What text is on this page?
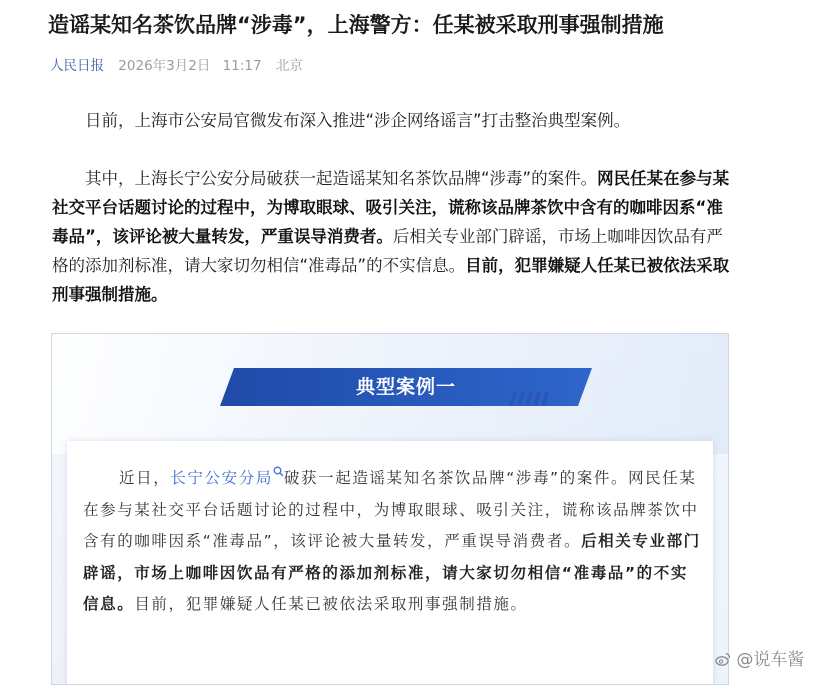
造谣某知名茶饮品牌“涉毒”，上海警方：任某被采取刑事强制措施
人民日报 2026年3月2日 11:17 北京

日前，上海市公安局官微发布深入推进“涉企网络谣言”打击整治典型案例。

其中，上海长宁公安分局破获一起造谣某知名茶饮品牌“涉毒”的案件。网民任某在参与某社交平台话题讨论的过程中，为博取眼球、吸引关注，谎称该品牌茶饮中含有的咖啡因系“准毒品”，该评论被大量转发，严重误导消费者。后相关专业部门辟谣，市场上咖啡因饮品有严格的添加剂标准，请大家切勿相信“准毒品”的不实信息。目前，犯罪嫌疑人任某已被依法采取刑事强制措施。

典型案例一

近日，长宁公安分局 破获一起造谣某知名茶饮品牌“涉毒”的案件。网民任某在参与某社交平台话题讨论的过程中，为博取眼球、吸引关注，谎称该品牌茶饮中含有的咖啡因系“准毒品”，该评论被大量转发，严重误导消费者。后相关专业部门辟谣，市场上咖啡因饮品有严格的添加剂标准，请大家切勿相信“准毒品”的不实信息。目前，犯罪嫌疑人任某已被依法采取刑事强制措施。

@说车酱
